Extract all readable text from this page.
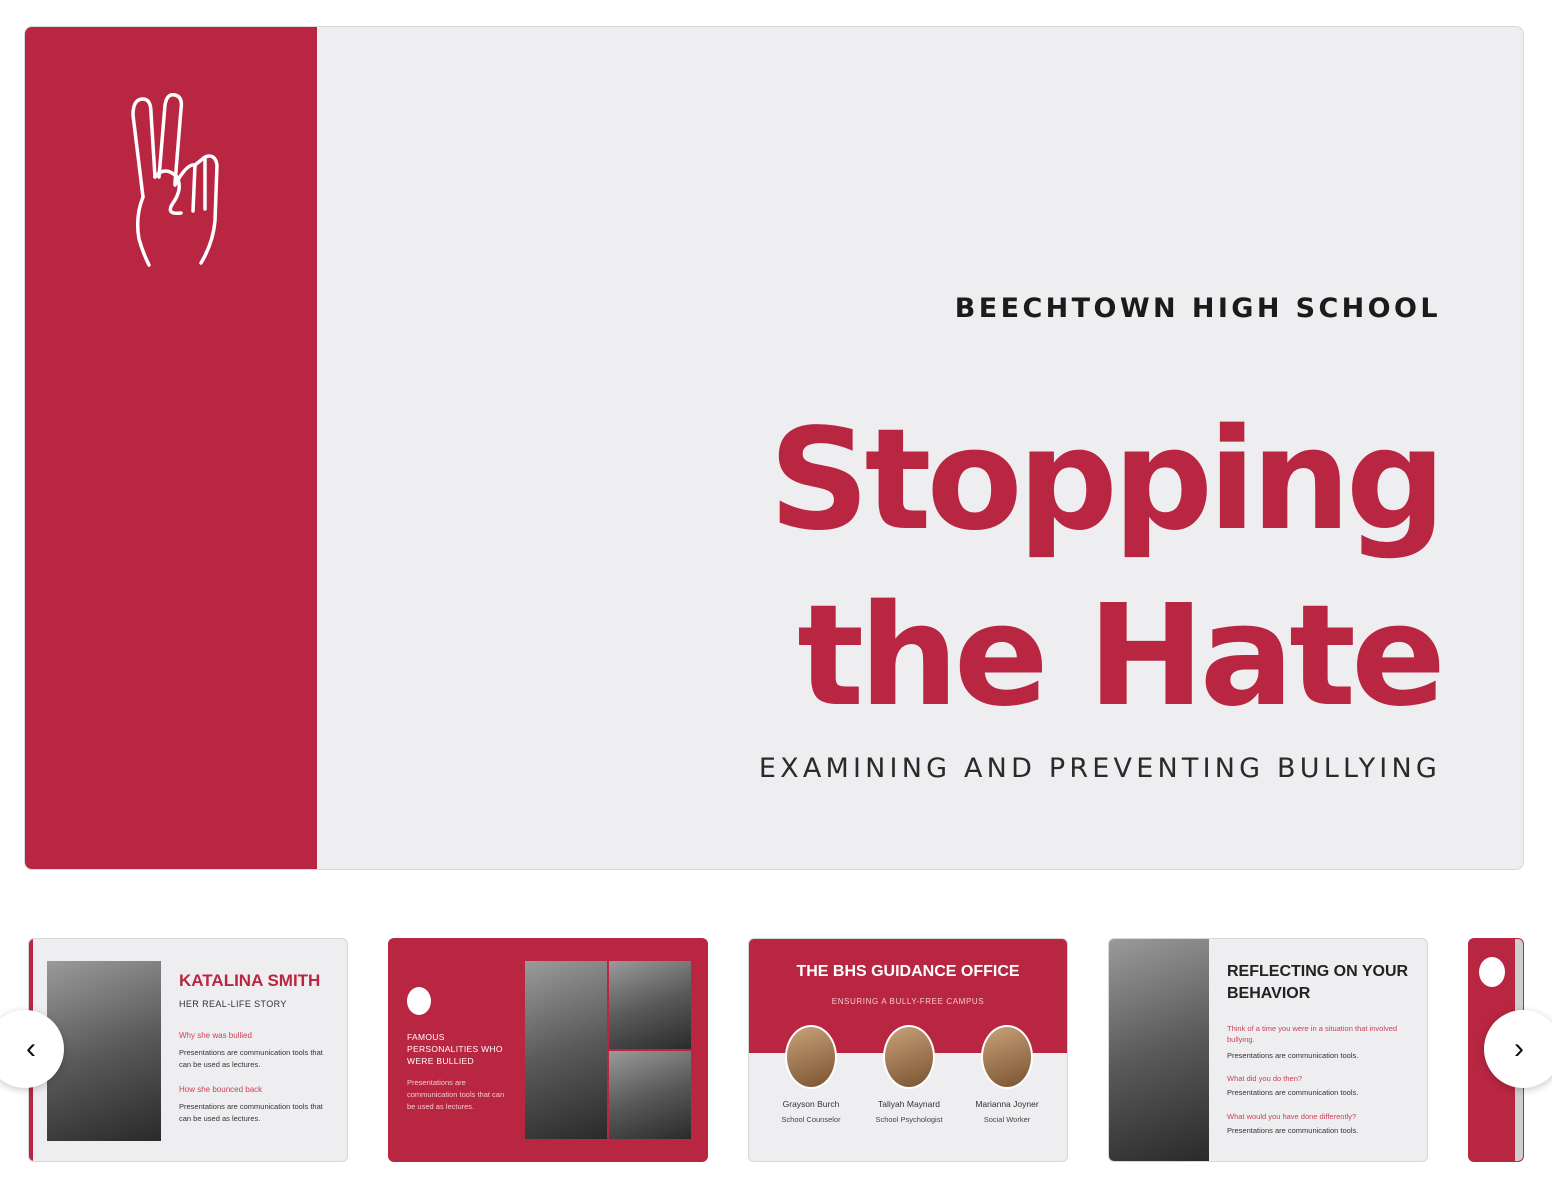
BEECHTOWN HIGH SCHOOL
Stopping
the Hate
EXAMINING AND PREVENTING BULLYING
KATALINA SMITH
HER REAL-LIFE STORY
Why she was bullied
Presentations are communication tools that can be used as lectures.
How she bounced back
Presentations are communication tools that can be used as lectures.
FAMOUS PERSONALITIES WHO WERE BULLIED
Presentations are communication tools that can be used as lectures.
THE BHS GUIDANCE OFFICE
ENSURING A BULLY-FREE CAMPUS
Grayson Burch
School Counselor
Taliyah Maynard
School Psychologist
Marianna Joyner
Social Worker
REFLECTING ON YOUR BEHAVIOR
Think of a time you were in a situation that involved bullying.
Presentations are communication tools.
What did you do then?
Presentations are communication tools.
What would you have done differently?
Presentations are communication tools.
‹	›
